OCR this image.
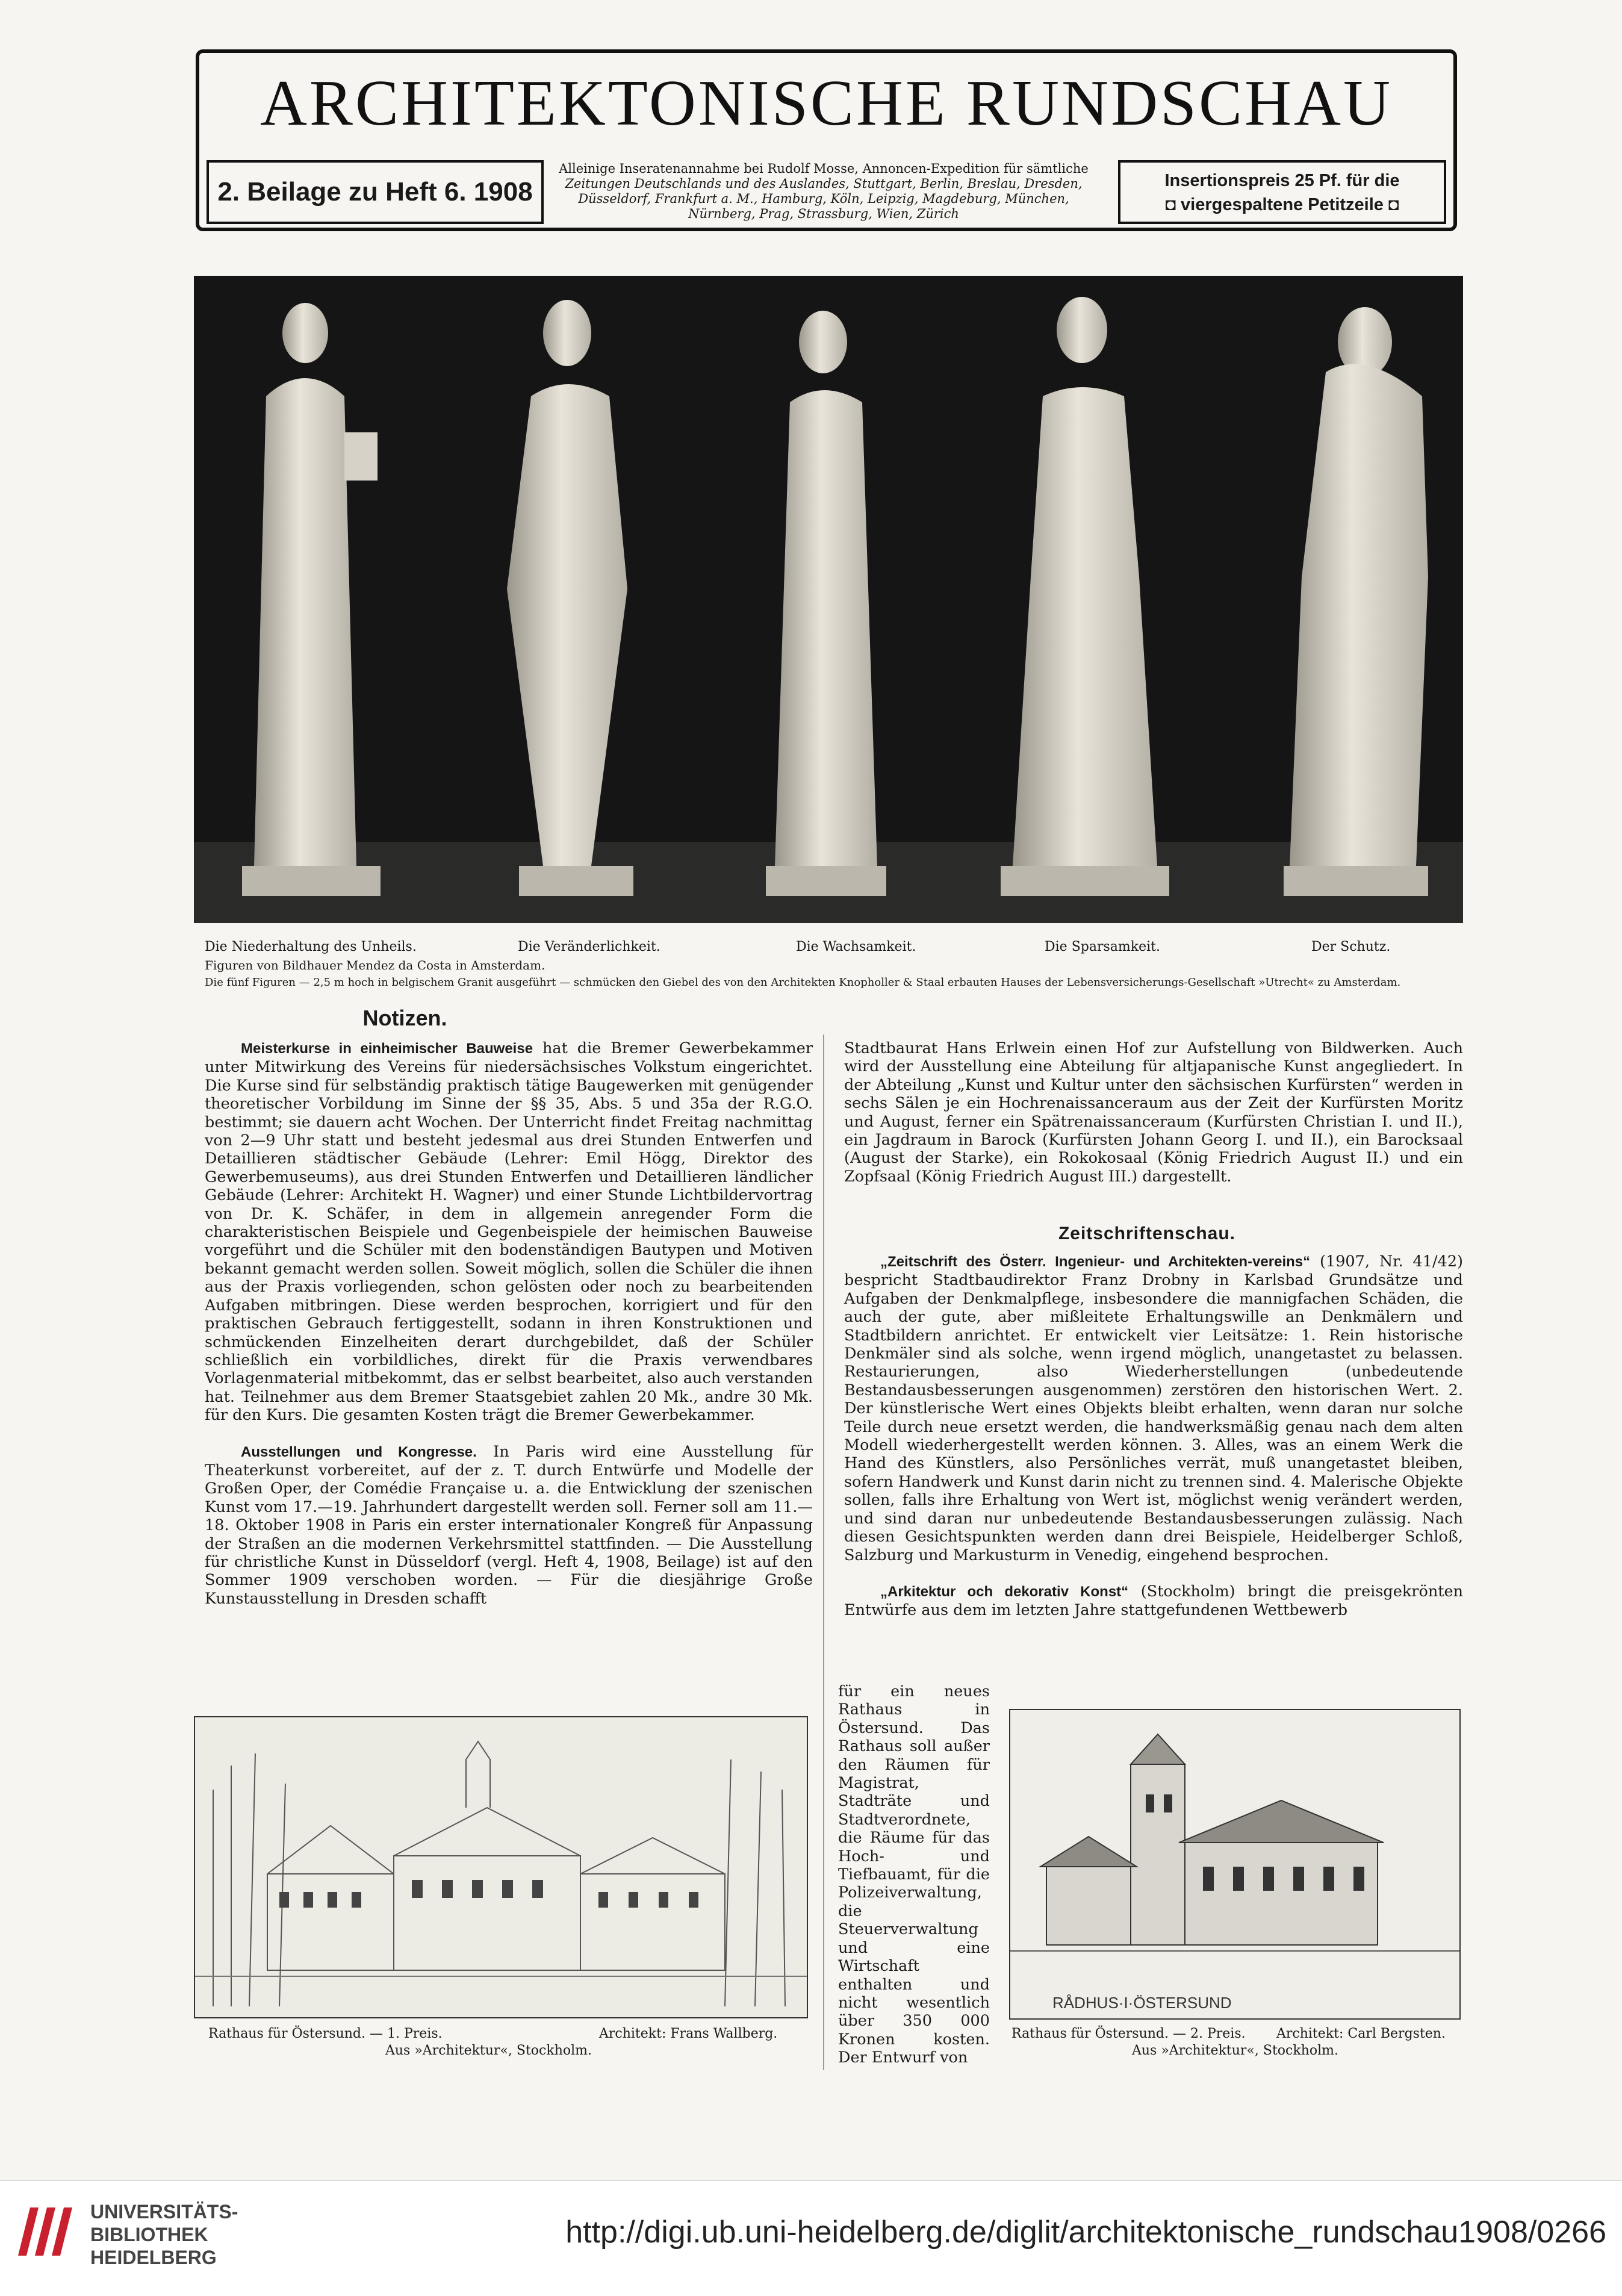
ARCHITEKTONISCHE RUNDSCHAU
2. Beilage zu Heft 6. 1908
Alleinige Inseratenannahme bei Rudolf Mosse, Annoncen-Expedition für sämtliche
Zeitungen Deutschlands und des Auslandes, Stuttgart, Berlin, Breslau, Dresden,
Düsseldorf, Frankfurt a. M., Hamburg, Köln, Leipzig, Magdeburg, München,
Nürnberg, Prag, Strassburg, Wien, Zürich
Insertionspreis 25 Pf. für die
◘ viergespaltene Petitzeile ◘
Die Niederhaltung des Unheils.	Die Veränderlichkeit.	Die Wachsamkeit.	Die Sparsamkeit.	Der Schutz.
Figuren von Bildhauer Mendez da Costa in Amsterdam.
Die fünf Figuren — 2,5 m hoch in belgischem Granit ausgeführt — schmücken den Giebel des von den Architekten Knopholler & Staal erbauten Hauses der Lebensversicherungs-Gesellschaft »Utrecht« zu Amsterdam.
Notizen.

Meisterkurse in einheimischer Bauweise hat die Bremer Gewerbekammer unter Mitwirkung des Vereins für niedersächsisches Volkstum eingerichtet. Die Kurse sind für selbständig praktisch tätige Baugewerken mit genügender theoretischer Vorbildung im Sinne der §§ 35, Abs. 5 und 35a der R.G.O. bestimmt; sie dauern acht Wochen. Der Unterricht findet Freitag nachmittag von 2—9 Uhr statt und besteht jedesmal aus drei Stunden Entwerfen und Detaillieren städtischer Gebäude (Lehrer: Emil Högg, Direktor des Gewerbemuseums), aus drei Stunden Entwerfen und Detaillieren ländlicher Gebäude (Lehrer: Architekt H. Wagner) und einer Stunde Lichtbildervortrag von Dr. K. Schäfer, in dem in allgemein anregender Form die charakteristischen Beispiele und Gegenbeispiele der heimischen Bauweise vorgeführt und die Schüler mit den bodenständigen Bautypen und Motiven bekannt gemacht werden sollen. Soweit möglich, sollen die Schüler die ihnen aus der Praxis vorliegenden, schon gelösten oder noch zu bearbeitenden Aufgaben mitbringen. Diese werden besprochen, korrigiert und für den praktischen Gebrauch fertiggestellt, sodann in ihren Konstruktionen und schmückenden Einzelheiten derart durchgebildet, daß der Schüler schließlich ein vorbildliches, direkt für die Praxis verwendbares Vorlagenmaterial mitbekommt, das er selbst bearbeitet, also auch verstanden hat. Teilnehmer aus dem Bremer Staatsgebiet zahlen 20 Mk., andre 30 Mk. für den Kurs. Die gesamten Kosten trägt die Bremer Gewerbekammer.

Ausstellungen und Kongresse. In Paris wird eine Ausstellung für Theaterkunst vorbereitet, auf der z. T. durch Entwürfe und Modelle der Großen Oper, der Comédie Française u. a. die Entwicklung der szenischen Kunst vom 17.—19. Jahrhundert dargestellt werden soll. Ferner soll am 11.—18. Oktober 1908 in Paris ein erster internationaler Kongreß für Anpassung der Straßen an die modernen Verkehrsmittel stattfinden. — Die Ausstellung für christliche Kunst in Düsseldorf (vergl. Heft 4, 1908, Beilage) ist auf den Sommer 1909 verschoben worden. — Für die diesjährige Große Kunstausstellung in Dresden schafft

Stadtbaurat Hans Erlwein einen Hof zur Aufstellung von Bildwerken. Auch wird der Ausstellung eine Abteilung für altjapanische Kunst angegliedert. In der Abteilung „Kunst und Kultur unter den sächsischen Kurfürsten“ werden in sechs Sälen je ein Hochrenaissanceraum aus der Zeit der Kurfürsten Moritz und August, ferner ein Spätrenaissanceraum (Kurfürsten Christian I. und II.), ein Jagdraum in Barock (Kurfürsten Johann Georg I. und II.), ein Barocksaal (August der Starke), ein Rokokosaal (König Friedrich August II.) und ein Zopfsaal (König Friedrich August III.) dargestellt.

Zeitschriftenschau.

„Zeitschrift des Österr. Ingenieur- und Architekten-vereins“ (1907, Nr. 41/42) bespricht Stadtbaudirektor Franz Drobny in Karlsbad Grundsätze und Aufgaben der Denkmalpflege, insbesondere die mannigfachen Schäden, die auch der gute, aber mißleitete Erhaltungswille an Denkmälern und Stadtbildern anrichtet. Er entwickelt vier Leitsätze: 1. Rein historische Denkmäler sind als solche, wenn irgend möglich, unangetastet zu belassen. Restaurierungen, also Wiederherstellungen (unbedeutende Bestandausbesserungen ausgenommen) zerstören den historischen Wert. 2. Der künstlerische Wert eines Objekts bleibt erhalten, wenn daran nur solche Teile durch neue ersetzt werden, die handwerksmäßig genau nach dem alten Modell wiederhergestellt werden können. 3. Alles, was an einem Werk die Hand des Künstlers, also Persönliches verrät, muß unangetastet bleiben, sofern Handwerk und Kunst darin nicht zu trennen sind. 4. Malerische Objekte sollen, falls ihre Erhaltung von Wert ist, möglichst wenig verändert werden, und sind daran nur unbedeutende Bestandausbesserungen zulässig. Nach diesen Gesichtspunkten werden dann drei Beispiele, Heidelberger Schloß, Salzburg und Markusturm in Venedig, eingehend besprochen.

„Arkitektur och dekorativ Konst“ (Stockholm) bringt die preisgekrönten Entwürfe aus dem im letzten Jahre stattgefundenen Wettbewerb

für ein neues Rathaus in Östersund. Das Rathaus soll außer den Räumen für Magistrat, Stadträte und Stadtverordnete, die Räume für das Hoch- und Tiefbauamt, für die Polizeiverwaltung, die Steuerverwaltung und eine Wirtschaft enthalten und nicht wesentlich über 350 000 Kronen kosten. Der Entwurf von
Rathaus für Östersund. — 1. Preis.	Architekt: Frans Wallberg.
Aus »Architektur«, Stockholm.
RÅDHUS·I·ÖSTERSUND
Rathaus für Östersund. — 2. Preis. Architekt: Carl Bergsten.
Aus »Architektur«, Stockholm.
UNIVERSITÄTS-
BIBLIOTHEK
HEIDELBERG
http://digi.ub.uni-heidelberg.de/diglit/architektonische_rundschau1908/0266
